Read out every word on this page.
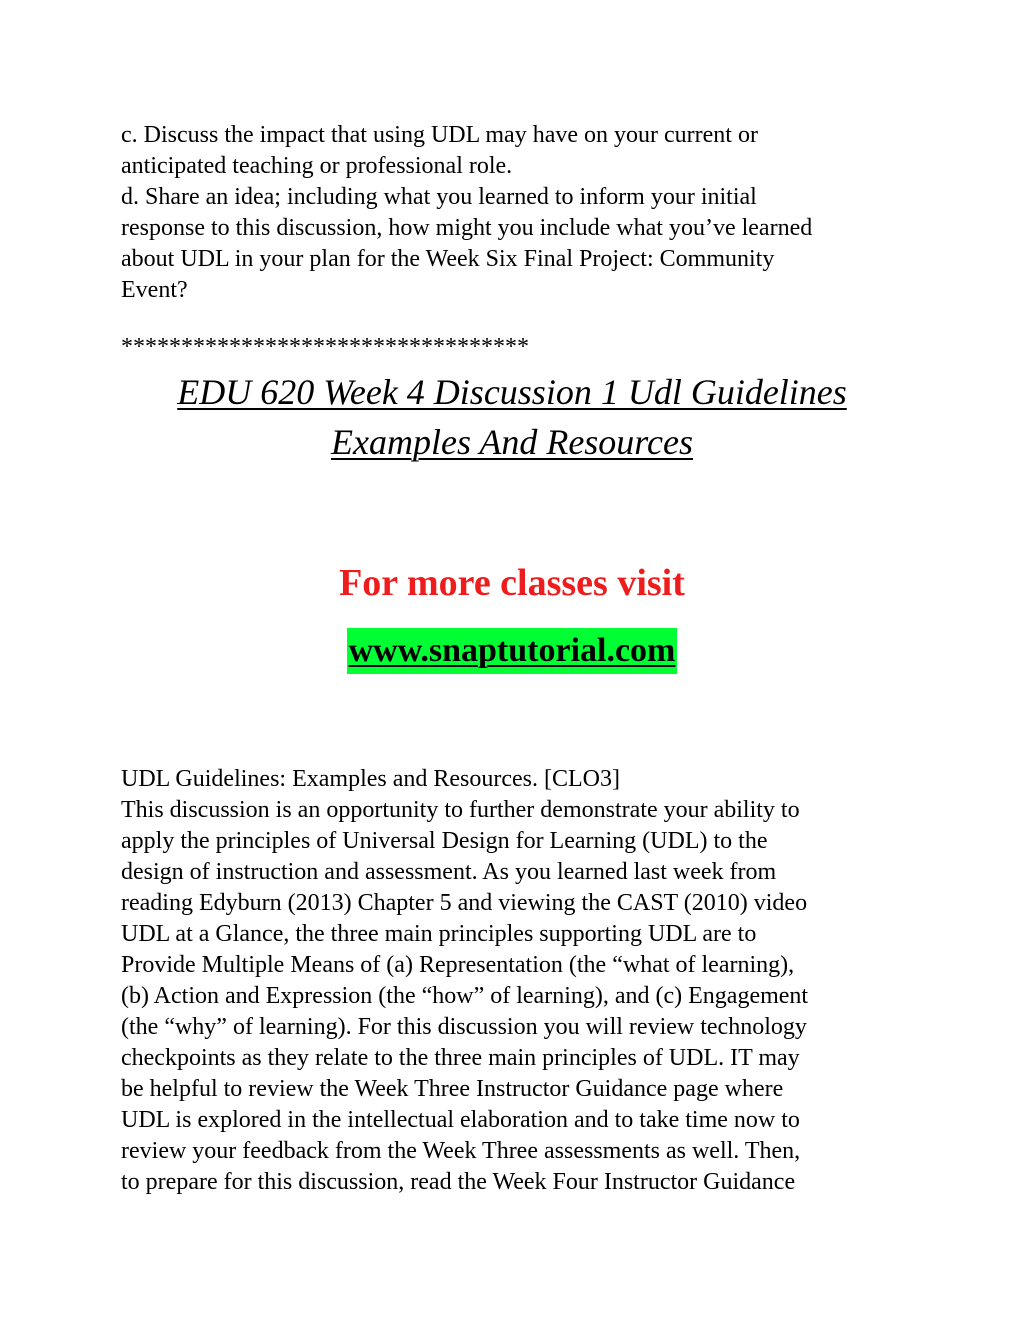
c. Discuss the impact that using UDL may have on your current or
anticipated teaching or professional role.
d. Share an idea; including what you learned to inform your initial
response to this discussion, how might you include what you’ve learned
about UDL in your plan for the Week Six Final Project: Community
Event?
**********************************
EDU 620 Week 4 Discussion 1 Udl Guidelines
Examples And Resources
For more classes visit
www.snaptutorial.com
UDL Guidelines: Examples and Resources. [CLO3]
This discussion is an opportunity to further demonstrate your ability to
apply the principles of Universal Design for Learning (UDL) to the
design of instruction and assessment. As you learned last week from
reading Edyburn (2013) Chapter 5 and viewing the CAST (2010) video
UDL at a Glance, the three main principles supporting UDL are to
Provide Multiple Means of (a) Representation (the “what of learning),
(b) Action and Expression (the “how” of learning), and (c) Engagement
(the “why” of learning). For this discussion you will review technology
checkpoints as they relate to the three main principles of UDL. IT may
be helpful to review the Week Three Instructor Guidance page where
UDL is explored in the intellectual elaboration and to take time now to
review your feedback from the Week Three assessments as well. Then,
to prepare for this discussion, read the Week Four Instructor Guidance
